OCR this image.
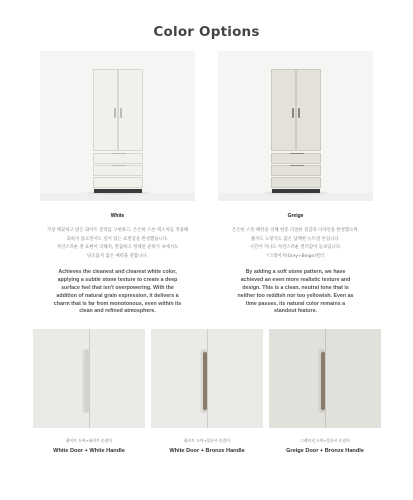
Color Options
White
가장 깨끗하고 맑은 화이트 컬러를 구현하고, 은은한 스톤 텍스처를 적용해
과하지 않으면서도 깊이 있는 표면감을 완성했습니다.
자연스러운 결 표현이 더해져, 깔끔하고 정제된 분위기 속에서도
단조롭지 않은 매력을 전합니다.
Achieves the cleanest and clearest white color,
applying a subtle stone texture to create a deep
surface feel that isn't overpowering. With the
addition of natural grain expression, it delivers a
charm that is far from monotonous, even within its
clean and refined atmosphere.
Greige
은은한 스톤 패턴을 더해 한층 리얼한 질감과 디자인을 완성했으며,
붉지도 노랗지도 않은 담백한 뉴트럴 톤입니다.
시간이 지나도 자연스러운 컬러감이 돋보입니다.
*그레이지(Grey+Beige)컬러
By adding a soft stone pattern, we have
achieved an even more realistic texture and
design. This is a clean, neutral tone that is
neither too reddish nor too yellowish. Even as
time passes, its natural color remains a
standout feature.
화이트 도어+화이트 손잡이
White Door + White Handle
화이트 도어+블론즈 손잡이
White Door + Bronze Handle
그레이지 도어+블론즈 손잡이
Greige Door + Bronze Handle
